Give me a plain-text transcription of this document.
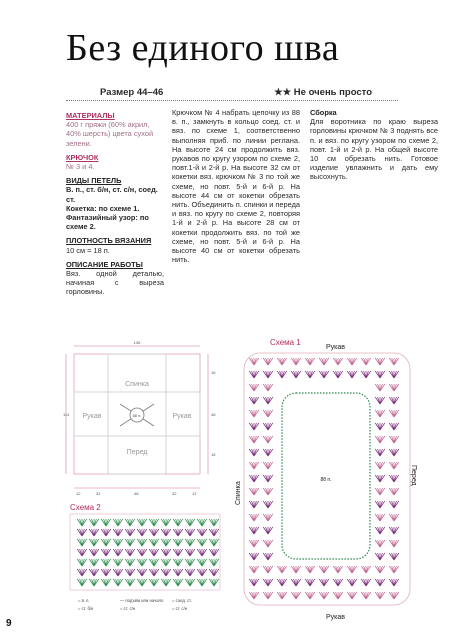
Без единого шва
Размер 44–46	★★ Не очень просто
МАТЕРИАЛЫ

400 г пряжи (60% акрил, 40% шерсть) цвета сухой зелени.

КРЮЧОК

№ 3 и 4.

ВИДЫ ПЕТЕЛЬ

В. п., ст. б/н, ст. с/н, соед. ст.

Кокетка: по схеме 1.

Фантазийный узор: по схеме 2.

ПЛОТНОСТЬ ВЯЗАНИЯ

10 см = 18 п.

ОПИСАНИЕ РАБОТЫ

Вяз. одной деталью, начиная с выреза горловины.

Крючком № 4 набрать цепочку из 88 в. п., замкнуть в кольцо соед. ст. и вяз. по схеме 1, соответственно выполняя приб. по линии реглана. На высоте 24 см продолжить вяз. рукавов по кругу узором по схеме 2, повт.1-й и 2-й р. На высоте 32 см от кокетки вяз. крючком № 3 по той же схеме, но повт. 5-й и 6-й р. На высоте 44 см от кокетки обрезать нить. Объединить п. спинки и переда и вяз. по кругу по схеме 2, повторяя 1-й и 2-й р. На высоте 28 см от кокетки продолжить вяз. по той же схеме, но повт. 5-й и 6-й р. На высоте 40 см от кокетки обрезать нить.
Сборка

Для воротника по краю выреза горловины крючком № 3 поднять все п. и вяз. по кругу узором по схеме 2, повт. 1-й и 2-й р. На общей высоте 10 см обрезать нить. Готовое изделие увлажнить и дать ему высохнуть.

Спинка
Перед
Рукав	Рукав
88 п.
136
114
16
48
18
12	32	48	32	12
Схема 2
= в. п.
= ст. б/н
— подъём или начало
= ст. с/н
= соед. ст.
= ст. с/н
Схема 1
Рукав
Рукав
Спинка
Перед
88 п.
9
